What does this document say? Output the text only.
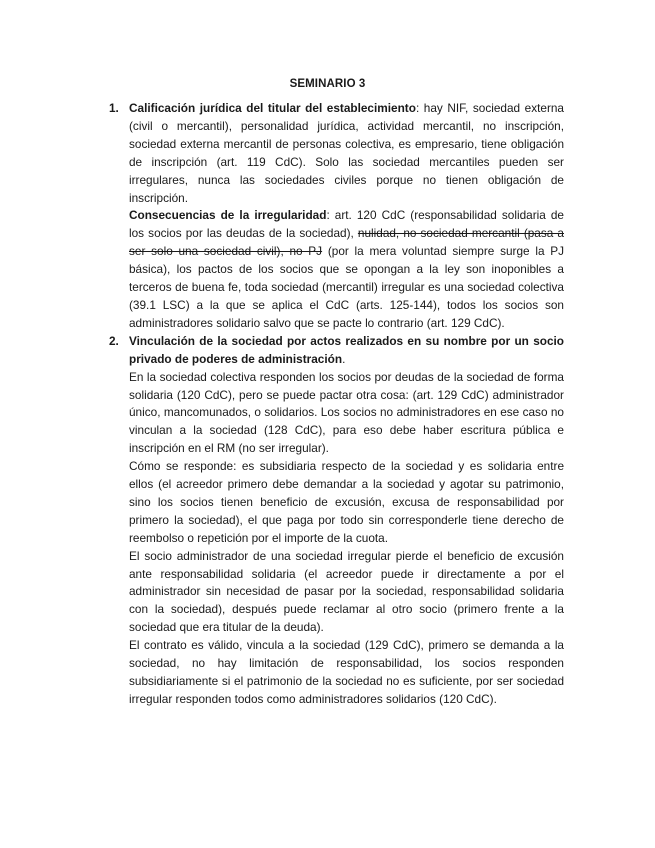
SEMINARIO 3
1. Calificación jurídica del titular del establecimiento: hay NIF, sociedad externa (civil o mercantil), personalidad jurídica, actividad mercantil, no inscripción, sociedad externa mercantil de personas colectiva, es empresario, tiene obligación de inscripción (art. 119 CdC). Solo las sociedad mercantiles pueden ser irregulares, nunca las sociedades civiles porque no tienen obligación de inscripción.

Consecuencias de la irregularidad: art. 120 CdC (responsabilidad solidaria de los socios por las deudas de la sociedad), nulidad, no sociedad mercantil (pasa a ser solo una sociedad civil), no PJ (por la mera voluntad siempre surge la PJ básica), los pactos de los socios que se opongan a la ley son inoponibles a terceros de buena fe, toda sociedad (mercantil) irregular es una sociedad colectiva (39.1 LSC) a la que se aplica el CdC (arts. 125-144), todos los socios son administradores solidario salvo que se pacte lo contrario (art. 129 CdC).

2. Vinculación de la sociedad por actos realizados en su nombre por un socio privado de poderes de administración.

En la sociedad colectiva responden los socios por deudas de la sociedad de forma solidaria (120 CdC), pero se puede pactar otra cosa: (art. 129 CdC) administrador único, mancomunados, o solidarios. Los socios no administradores en ese caso no vinculan a la sociedad (128 CdC), para eso debe haber escritura pública e inscripción en el RM (no ser irregular).

Cómo se responde: es subsidiaria respecto de la sociedad y es solidaria entre ellos (el acreedor primero debe demandar a la sociedad y agotar su patrimonio, sino los socios tienen beneficio de excusión, excusa de responsabilidad por primero la sociedad), el que paga por todo sin corresponderle tiene derecho de reembolso o repetición por el importe de la cuota.

El socio administrador de una sociedad irregular pierde el beneficio de excusión ante responsabilidad solidaria (el acreedor puede ir directamente a por el administrador sin necesidad de pasar por la sociedad, responsabilidad solidaria con la sociedad), después puede reclamar al otro socio (primero frente a la sociedad que era titular de la deuda).

El contrato es válido, vincula a la sociedad (129 CdC), primero se demanda a la sociedad, no hay limitación de responsabilidad, los socios responden subsidiariamente si el patrimonio de la sociedad no es suficiente, por ser sociedad irregular responden todos como administradores solidarios (120 CdC).
